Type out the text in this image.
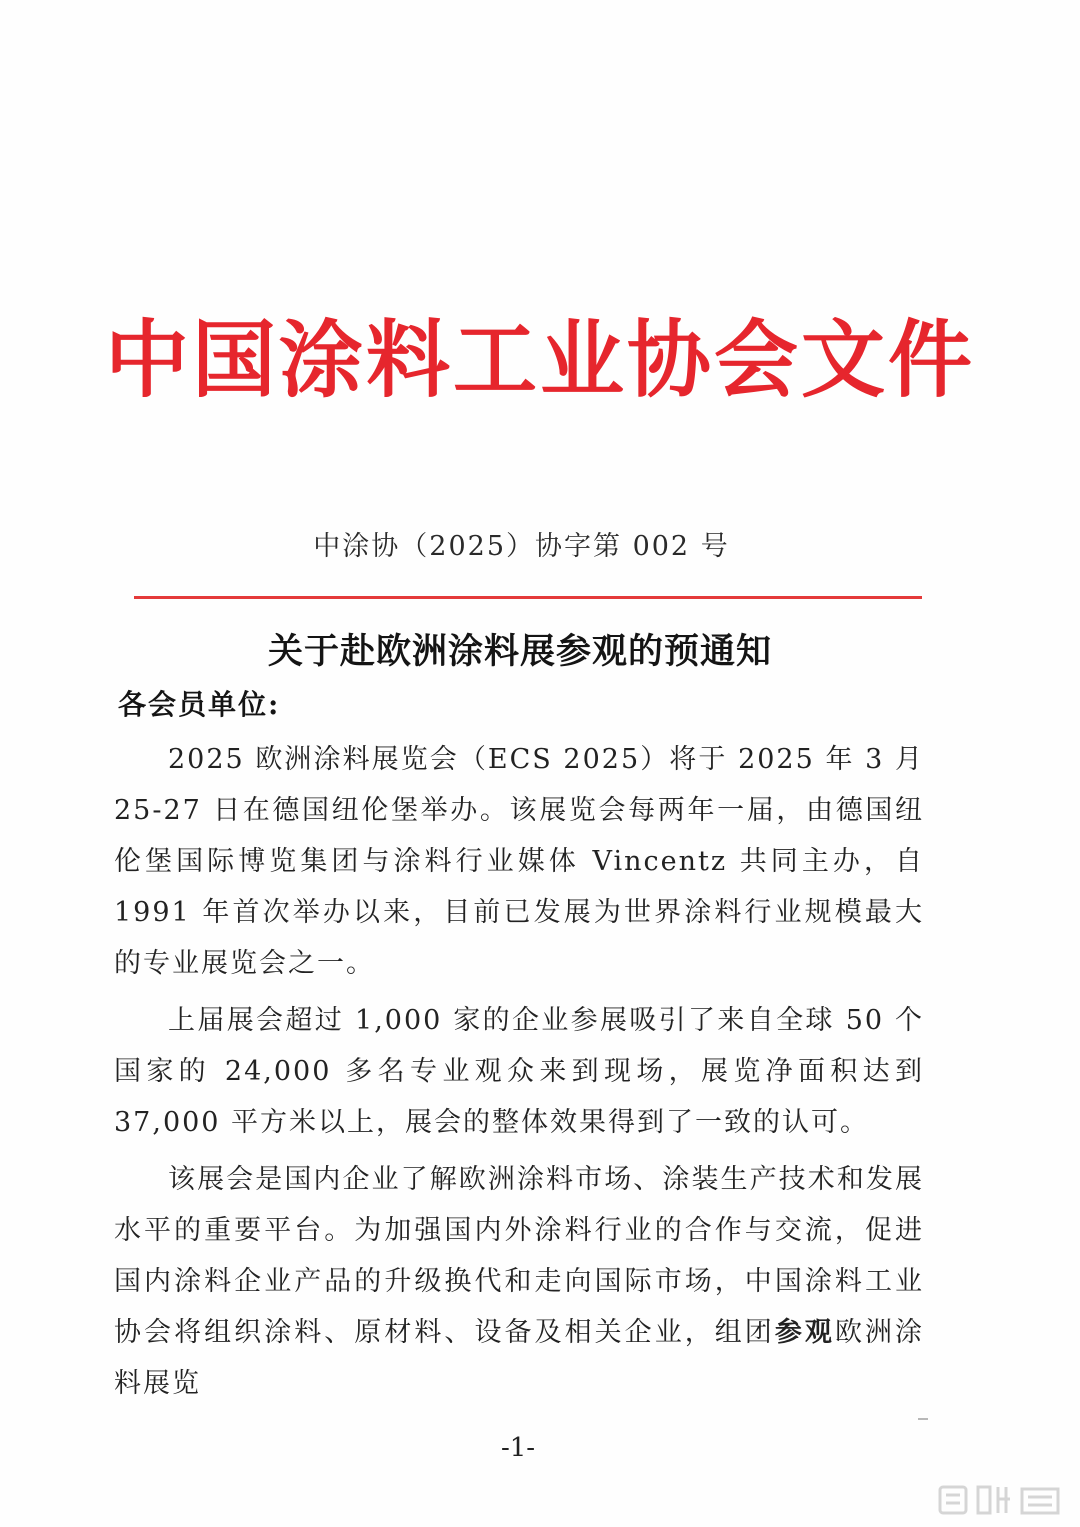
中国涂料工业协会文件
中涂协（2025）协字第 002 号
关于赴欧洲涂料展参观的预通知
各会员单位:

2025 欧洲涂料展览会（ECS 2025）将于 2025 年 3 月 25-27 日在德国纽伦堡举办。该展览会每两年一届，由德国纽伦堡国际博览集团与涂料行业媒体 Vincentz 共同主办，自 1991 年首次举办以来，目前已发展为世界涂料行业规模最大的专业展览会之一。

上届展会超过 1,000 家的企业参展吸引了来自全球 50 个国家的 24,000 多名专业观众来到现场，展览净面积达到 37,000 平方米以上，展会的整体效果得到了一致的认可。

该展会是国内企业了解欧洲涂料市场、涂装生产技术和发展水平的重要平台。为加强国内外涂料行业的合作与交流，促进国内涂料企业产品的升级换代和走向国际市场，中国涂料工业协会将组织涂料、原材料、设备及相关企业，组团参观欧洲涂料展览

-1-
